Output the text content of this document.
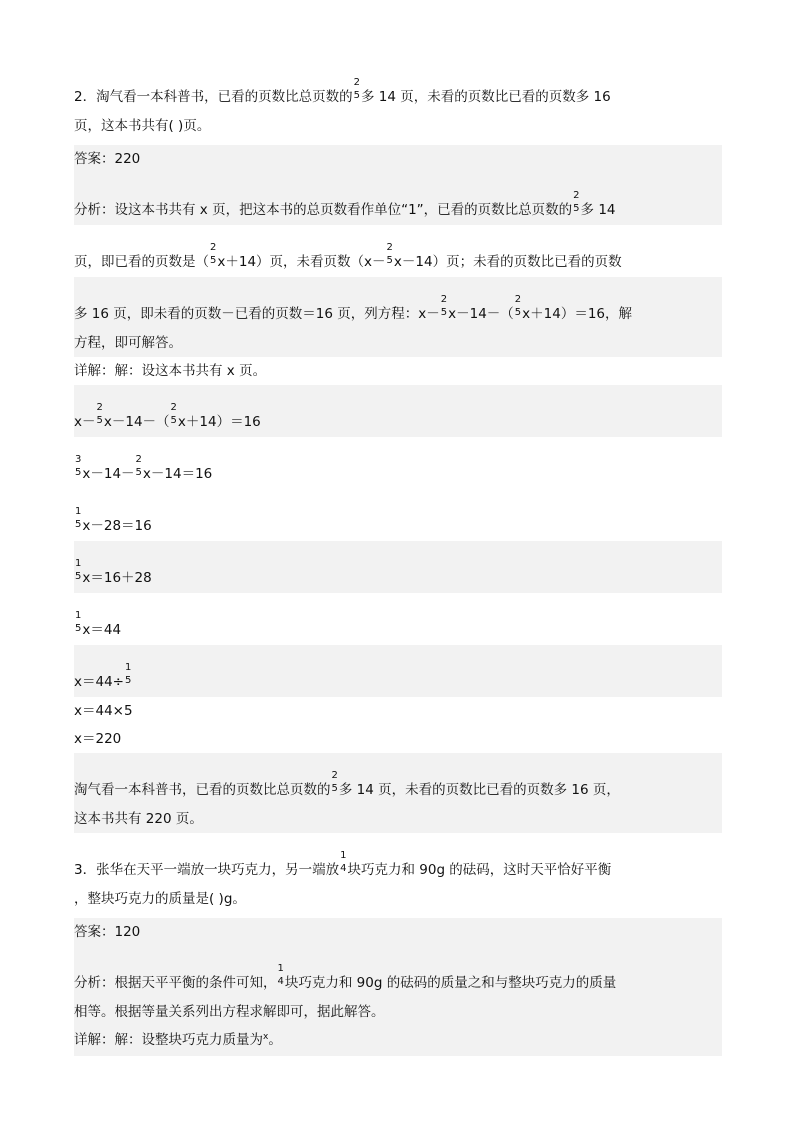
2．淘气看一本科普书，已看的页数比总页数的
2
5 多 14 页，未看的页数比已看的页数多 16
页，这本书共有( )页。
答案：220
分析：设这本书共有 x 页，把这本书的总页数看作单位“1”，已看的页数比总页数的
2
5 多 14
页，即已看的页数是（
2
5 x＋14）页，未看页数（x－
2
5 x－14）页；未看的页数比已看的页数
多 16 页，即未看的页数－已看的页数＝16 页，列方程：x－
2
5 x－14－（
2
5 x＋14）＝16，解
方程，即可解答。
详解：解：设这本书共有 x 页。
x－
2
5 x－14－（
2
5 x＋14）＝16
3
5 x－14－
2
5 x－14＝16
1
5 x－28＝16
1
5 x＝16＋28
1
5 x＝44
x＝44÷
1
5
x＝44×5
x＝220
淘气看一本科普书，已看的页数比总页数的
2
5 多 14 页，未看的页数比已看的页数多 16 页，
这本书共有 220 页。
3．张华在天平一端放一块巧克力，另一端放
1
4 块巧克力和 90g 的砝码，这时天平恰好平衡
，整块巧克力的质量是( )g。
答案：120
分析：根据天平平衡的条件可知，
1
4 块巧克力和 90g 的砝码的质量之和与整块巧克力的质量
相等。根据等量关系列出方程求解即可，据此解答。
详解：解：设整块巧克力质量为$^x$。
